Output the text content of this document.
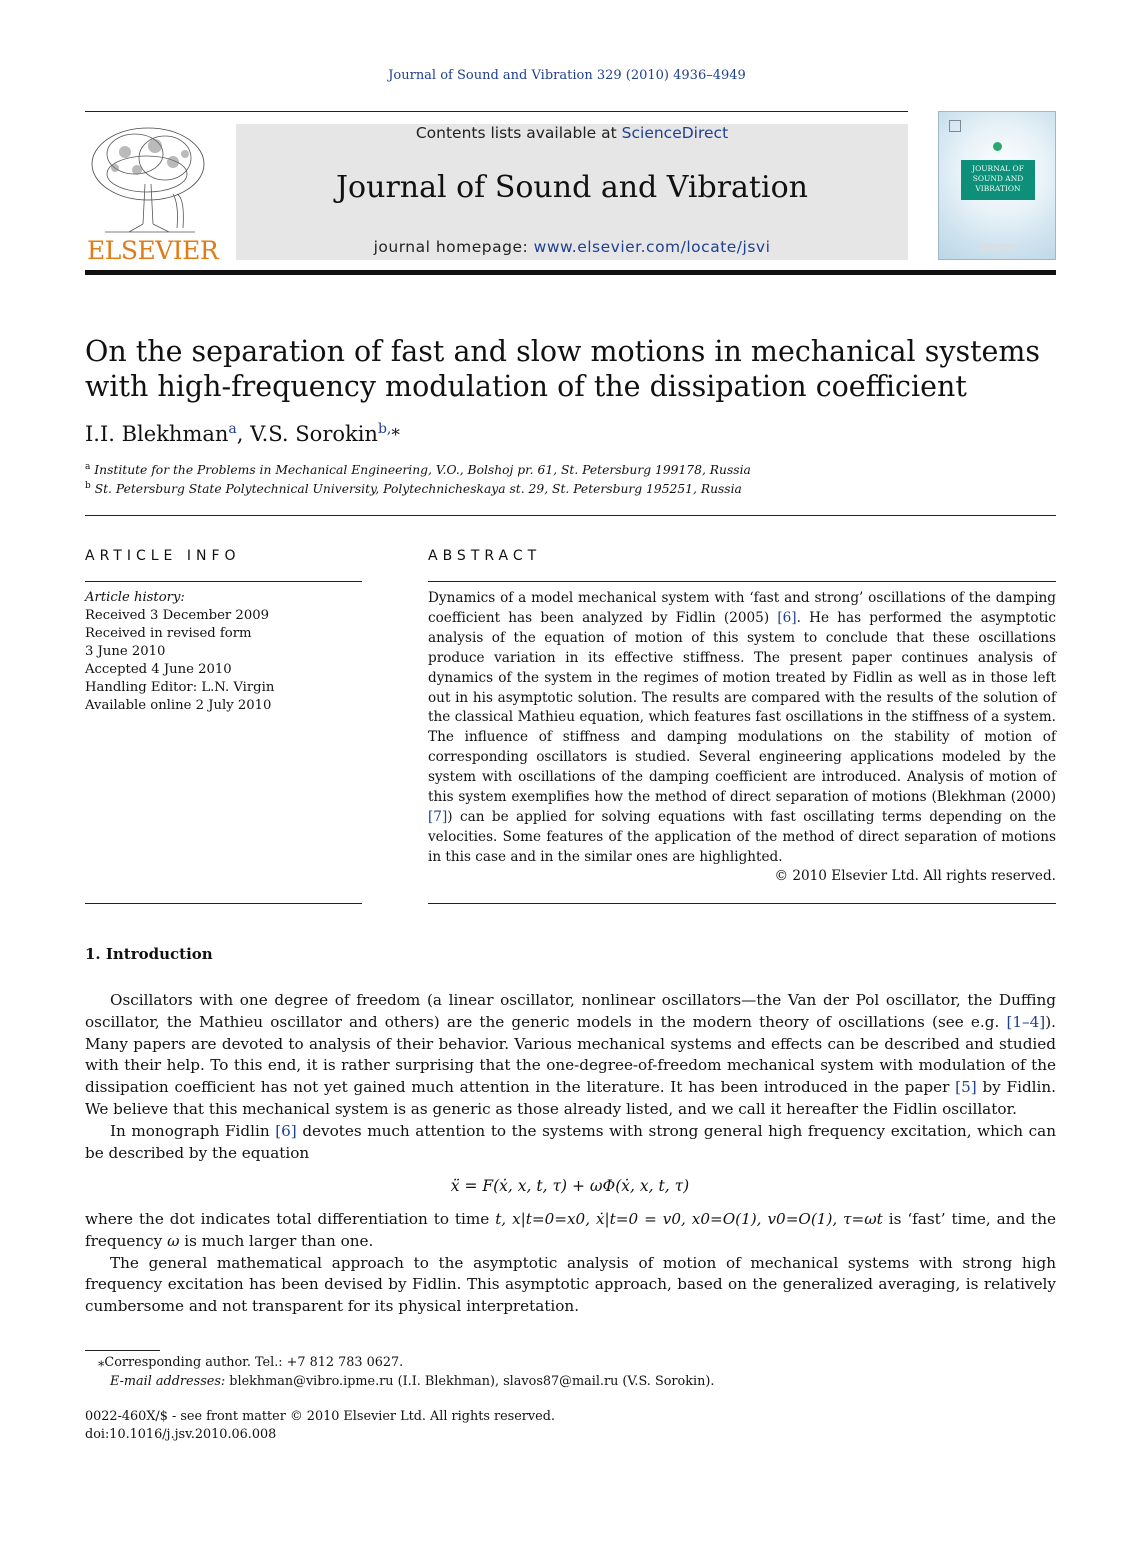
Journal of Sound and Vibration 329 (2010) 4936–4949
ELSEVIER
Contents lists available at ScienceDirect
Journal of Sound and Vibration
journal homepage: www.elsevier.com/locate/jsvi
JOURNAL OF
SOUND AND
VIBRATION
On the separation of fast and slow motions in mechanical systems with high-frequency modulation of the dissipation coefficient
I.I. Blekhman$^a$, V.S. Sorokin$^{b,⁎}$
$^a$ Institute for the Problems in Mechanical Engineering, V.O., Bolshoj pr. 61, St. Petersburg 199178, Russia
$^b$ St. Petersburg State Polytechnical University, Polytechnicheskaya st. 29, St. Petersburg 195251, Russia
ARTICLE INFO
Article history:
Received 3 December 2009
Received in revised form
3 June 2010
Accepted 4 June 2010
Handling Editor: L.N. Virgin
Available online 2 July 2010
ABSTRACT
Dynamics of a model mechanical system with ‘fast and strong’ oscillations of the damping coefficient has been analyzed by Fidlin (2005) [6]. He has performed the asymptotic analysis of the equation of motion of this system to conclude that these oscillations produce variation in its effective stiffness. The present paper continues analysis of dynamics of the system in the regimes of motion treated by Fidlin as well as in those left out in his asymptotic solution. The results are compared with the results of the solution of the classical Mathieu equation, which features fast oscillations in the stiffness of a system. The influence of stiffness and damping modulations on the stability of motion of corresponding oscillators is studied. Several engineering applications modeled by the system with oscillations of the damping coefficient are introduced. Analysis of motion of this system exemplifies how the method of direct separation of motions (Blekhman (2000) [7]) can be applied for solving equations with fast oscillating terms depending on the velocities. Some features of the application of the method of direct separation of motions in this case and in the similar ones are highlighted.
© 2010 Elsevier Ltd. All rights reserved.
1. Introduction

Oscillators with one degree of freedom (a linear oscillator, nonlinear oscillators—the Van der Pol oscillator, the Duffing oscillator, the Mathieu oscillator and others) are the generic models in the modern theory of oscillations (see e.g. [1–4]). Many papers are devoted to analysis of their behavior. Various mechanical systems and effects can be described and studied with their help. To this end, it is rather surprising that the one-degree-of-freedom mechanical system with modulation of the dissipation coefficient has not yet gained much attention in the literature. It has been introduced in the paper [5] by Fidlin. We believe that this mechanical system is as generic as those already listed, and we call it hereafter the Fidlin oscillator.

In monograph Fidlin [6] devotes much attention to the systems with strong general high frequency excitation, which can be described by the equation

ẍ = F(ẋ, x, t, τ) + ωΦ(ẋ, x, t, τ)

where the dot indicates total differentiation to time t, x|t=0=x0, ẋ|t=0 = v0, x0=O(1), v0=O(1), τ=ωt is ‘fast’ time, and the frequency ω is much larger than one.

The general mathematical approach to the asymptotic analysis of motion of mechanical systems with strong high frequency excitation has been devised by Fidlin. This asymptotic approach, based on the generalized averaging, is relatively cumbersome and not transparent for its physical interpretation.

⁎Corresponding author. Tel.: +7 812 783 0627.
E-mail addresses: blekhman@vibro.ipme.ru (I.I. Blekhman), slavos87@mail.ru (V.S. Sorokin).
0022-460X/$ - see front matter © 2010 Elsevier Ltd. All rights reserved.
doi:10.1016/j.jsv.2010.06.008
